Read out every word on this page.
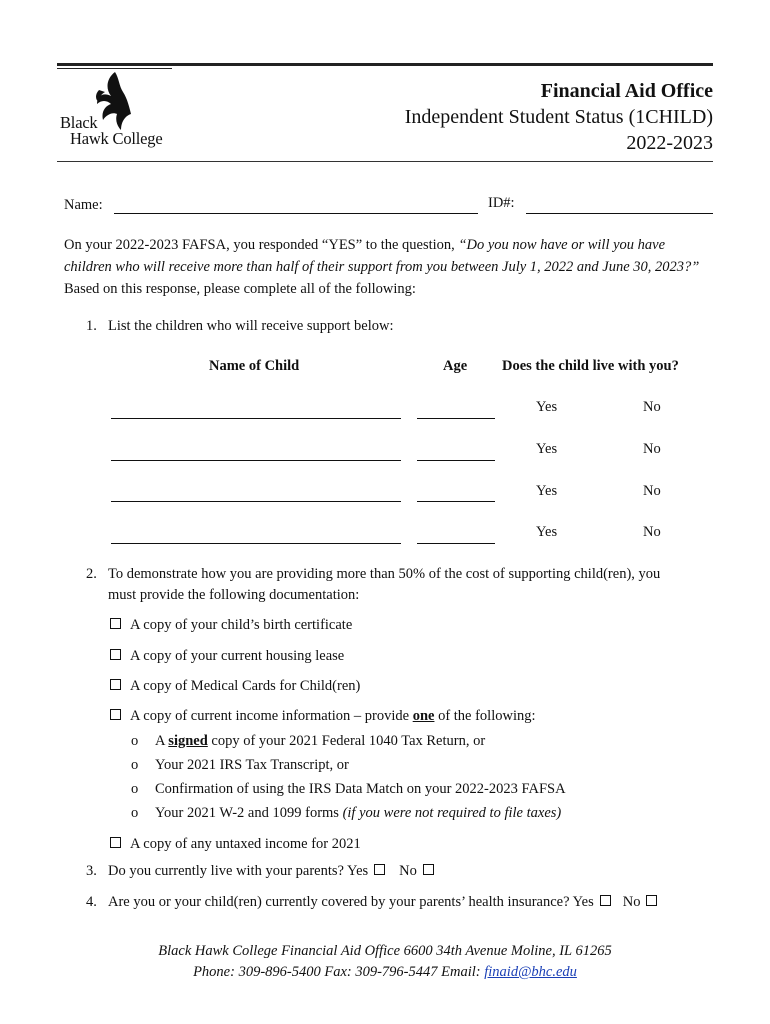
Black
Hawk College
Financial Aid Office
Independent Student Status (1CHILD)
2022-2023
Name:	ID#:
On your 2022-2023 FAFSA, you responded “YES” to the question, “Do you now have or will you have children who will receive more than half of their support from you between July 1, 2022 and June 30, 2023?” Based on this response, please complete all of the following:
1. List the children who will receive support below:
Name of Child	Age Does the child live with you?
Yes	No
Yes	No
Yes	No
Yes	No
2. To demonstrate how you are providing more than 50% of the cost of supporting child(ren), you
must provide the following documentation:
A copy of your child’s birth certificate
A copy of your current housing lease
A copy of Medical Cards for Child(ren)
A copy of current income information – provide one of the following:
o A signed copy of your 2021 Federal 1040 Tax Return, or
o Your 2021 IRS Tax Transcript, or
o Confirmation of using the IRS Data Match on your 2022-2023 FAFSA
o Your 2021 W-2 and 1099 forms (if you were not required to file taxes)
A copy of any untaxed income for 2021
3. Do you currently live with your parents? Yes No
4. Are you or your child(ren) currently covered by your parents’ health insurance? Yes No
Black Hawk College Financial Aid Office 6600 34th Avenue Moline, IL 61265
Phone: 309-896-5400 Fax: 309-796-5447 Email: finaid@bhc.edu
